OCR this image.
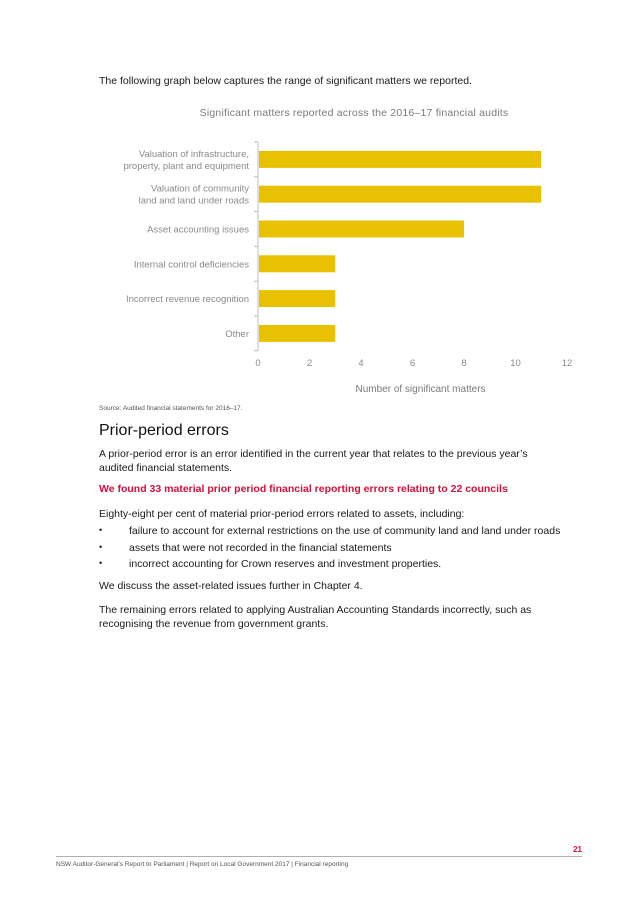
The following graph below captures the range of significant matters we reported.
Significant matters reported across the 2016–17 financial audits
Valuation of infrastructure,
property, plant and equipment
Valuation of community
land and land under roads
Asset accounting issues
Internal control deficiencies
Incorrect revenue recognition
Other
0	2	4	6	8	10	12
Number of significant matters
Source: Audited financial statements for 2016–17.
Prior-period errors

A prior-period error is an error identified in the current year that relates to the previous year’s
audited financial statements.

We found 33 material prior period financial reporting errors relating to 22 councils

Eighty-eight per cent of material prior-period errors related to assets, including:

•	failure to account for external restrictions on the use of community land and land under roads
•	assets that were not recorded in the financial statements
•	incorrect accounting for Crown reserves and investment properties.

We discuss the asset-related issues further in Chapter 4.

The remaining errors related to applying Australian Accounting Standards incorrectly, such as
recognising the revenue from government grants.

21
NSW Auditor-General's Report to Parliament | Report on Local Government 2017 | Financial reporting
